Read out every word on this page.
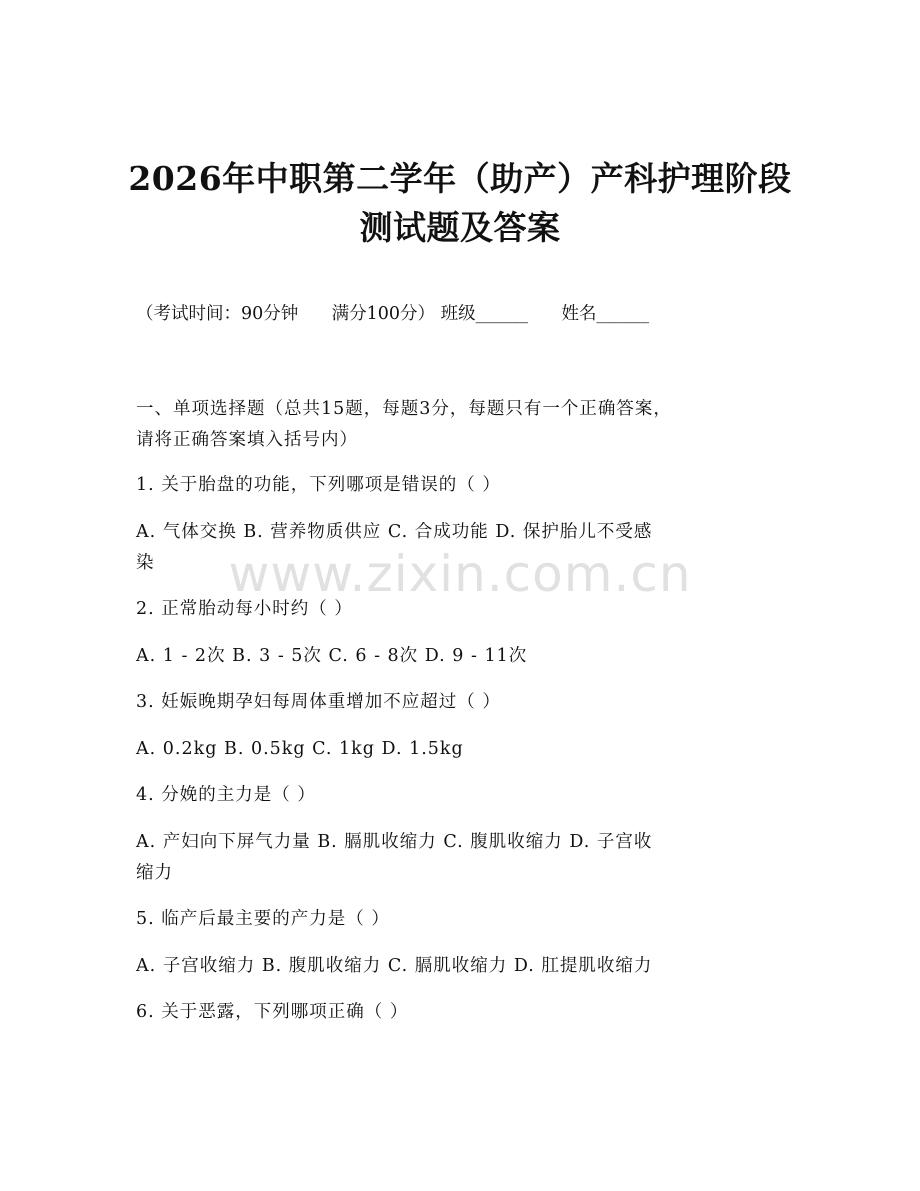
2026年中职第二学年（助产）产科护理阶段
测试题及答案
（考试时间：90分钟      满分100分） 班级______      姓名______
一、单项选择题（总共15题，每题3分，每题只有一个正确答案，
请将正确答案填入括号内）
1. 关于胎盘的功能，下列哪项是错误的（ ）
A. 气体交换 B. 营养物质供应 C. 合成功能 D. 保护胎儿不受感
染
2. 正常胎动每小时约（ ）
A. 1 - 2次 B. 3 - 5次 C. 6 - 8次 D. 9 - 11次
3. 妊娠晚期孕妇每周体重增加不应超过（ ）
A. 0.2kg B. 0.5kg C. 1kg D. 1.5kg
4. 分娩的主力是（ ）
A. 产妇向下屏气力量 B. 膈肌收缩力 C. 腹肌收缩力 D. 子宫收
缩力
5. 临产后最主要的产力是（ ）
A. 子宫收缩力 B. 腹肌收缩力 C. 膈肌收缩力 D. 肛提肌收缩力
6. 关于恶露，下列哪项正确（ ）
www.zixin.com.cn
